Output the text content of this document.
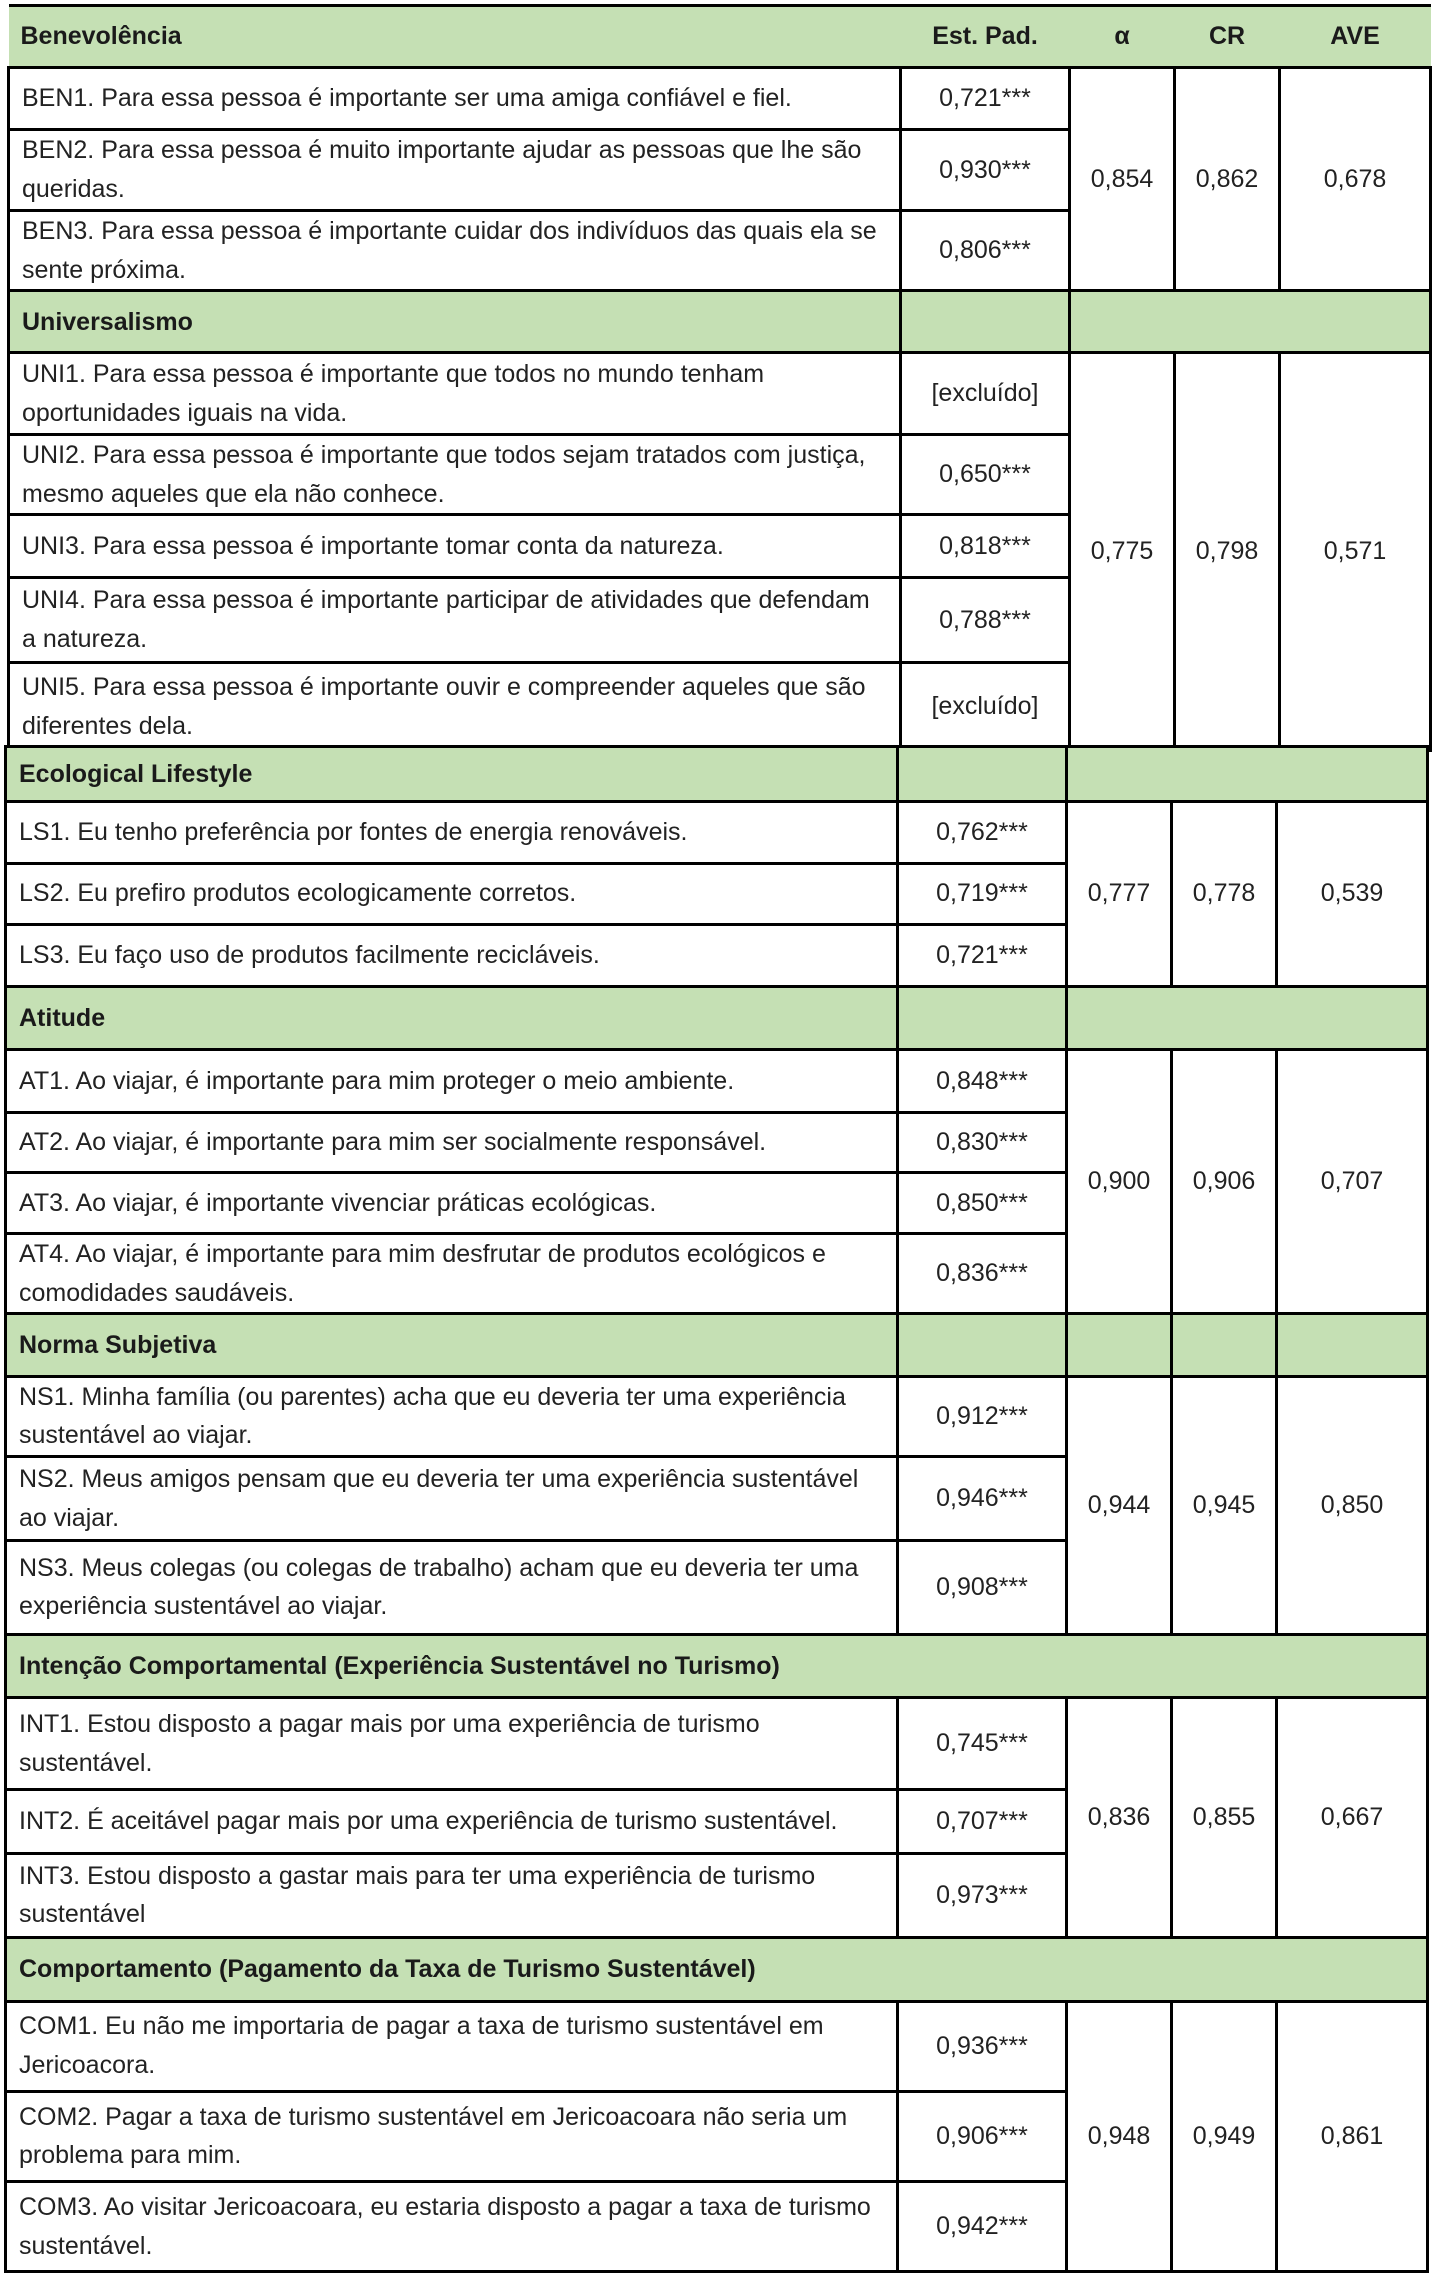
Benevolência	Est. Pad.	α	CR	AVE
BEN1. Para essa pessoa é importante ser uma amiga confiável e fiel.	0,721***	0,854	0,862	0,678
BEN2. Para essa pessoa é muito importante ajudar as pessoas que lhe são queridas.	0,930***			
BEN3. Para essa pessoa é importante cuidar dos indivíduos das quais ela se sente próxima.	0,806***			
Universalismo				
UNI1. Para essa pessoa é importante que todos no mundo tenham oportunidades iguais na vida.	[excluído]	0,775	0,798	0,571
UNI2. Para essa pessoa é importante que todos sejam tratados com justiça, mesmo aqueles que ela não conhece.	0,650***			
UNI3. Para essa pessoa é importante tomar conta da natureza.	0,818***			
UNI4. Para essa pessoa é importante participar de atividades que defendam a natureza.	0,788***			
UNI5. Para essa pessoa é importante ouvir e compreender aqueles que são diferentes dela.	[excluído]			
Ecological Lifestyle				
LS1. Eu tenho preferência por fontes de energia renováveis.	0,762***	0,777	0,778	0,539
LS2. Eu prefiro produtos ecologicamente corretos.	0,719***			
LS3. Eu faço uso de produtos facilmente recicláveis.	0,721***			
Atitude				
AT1. Ao viajar, é importante para mim proteger o meio ambiente.	0,848***	0,900	0,906	0,707
AT2. Ao viajar, é importante para mim ser socialmente responsável.	0,830***			
AT3. Ao viajar, é importante vivenciar práticas ecológicas.	0,850***			
AT4. Ao viajar, é importante para mim desfrutar de produtos ecológicos e comodidades saudáveis.	0,836***			
Norma Subjetiva				
NS1. Minha família (ou parentes) acha que eu deveria ter uma experiência sustentável ao viajar.	0,912***	0,944	0,945	0,850
NS2. Meus amigos pensam que eu deveria ter uma experiência sustentável ao viajar.	0,946***			
NS3. Meus colegas (ou colegas de trabalho) acham que eu deveria ter uma experiência sustentável ao viajar.	0,908***			
Intenção Comportamental (Experiência Sustentável no Turismo)				
INT1. Estou disposto a pagar mais por uma experiência de turismo sustentável.	0,745***	0,836	0,855	0,667
INT2. É aceitável pagar mais por uma experiência de turismo sustentável.	0,707***			
INT3. Estou disposto a gastar mais para ter uma experiência de turismo sustentável	0,973***			
Comportamento (Pagamento da Taxa de Turismo Sustentável)				
COM1. Eu não me importaria de pagar a taxa de turismo sustentável em Jericoacora.	0,936***	0,948	0,949	0,861
COM2. Pagar a taxa de turismo sustentável em Jericoacoara não seria um problema para mim.	0,906***			
COM3. Ao visitar Jericoacoara, eu estaria disposto a pagar a taxa de turismo sustentável.	0,942***			
